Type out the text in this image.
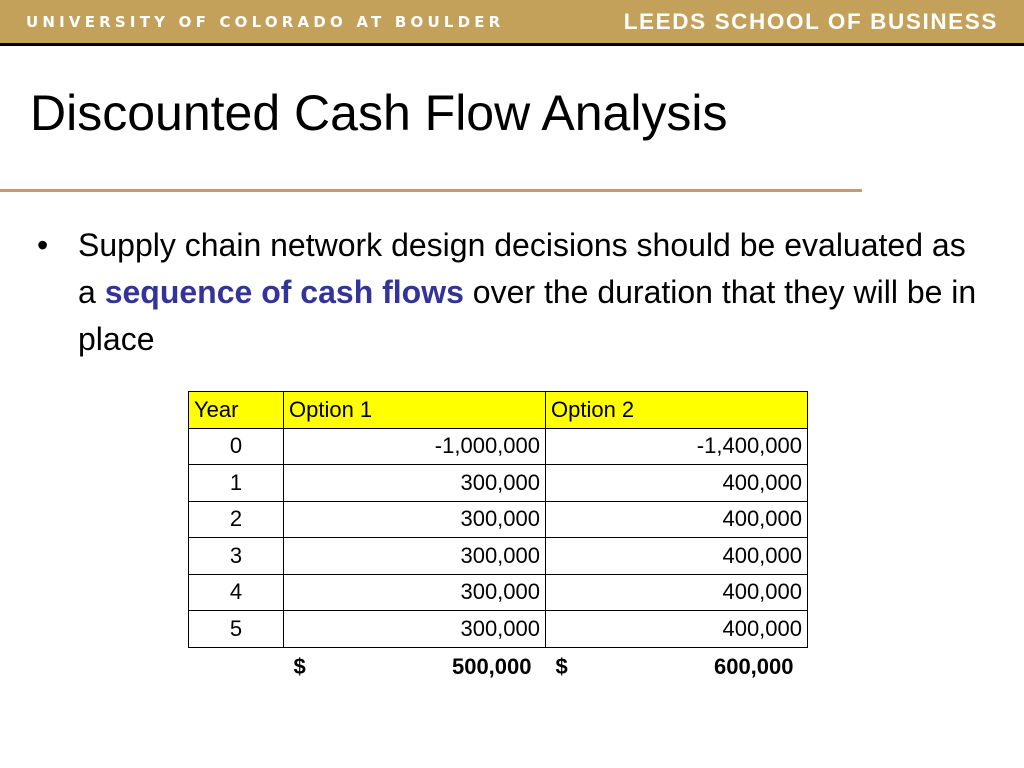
UNIVERSITY OF COLORADO AT BOULDER	LEEDS SCHOOL OF BUSINESS
Discounted Cash Flow Analysis
• Supply chain network design decisions should be evaluated as a sequence of cash flows over the duration that they will be in place
Year	Option 1	Option 2
0	-1,000,000	-1,400,000
1	300,000	400,000
2	300,000	400,000
3	300,000	400,000
4	300,000	400,000
5	300,000	400,000

	$ 500,000	$ 600,000
